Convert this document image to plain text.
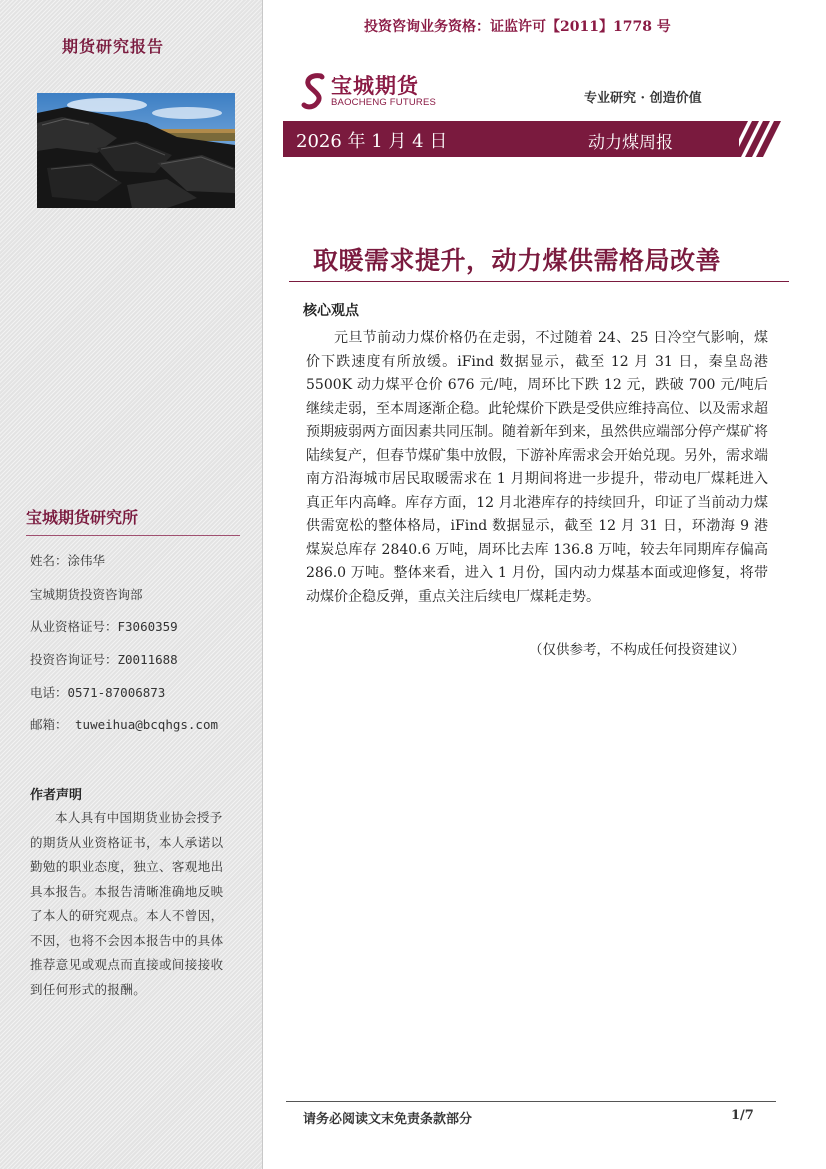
期货研究报告
宝城期货研究所
姓名：涂伟华
宝城期货投资咨询部
从业资格证号：F3060359
投资咨询证号：Z0011688
电话：0571-87006873
邮箱： tuweihua@bcqhgs.com
作者声明
本人具有中国期货业协会授予的期货从业资格证书，本人承诺以勤勉的职业态度，独立、客观地出具本报告。本报告清晰准确地反映了本人的研究观点。本人不曾因，不因，也将不会因本报告中的具体推荐意见或观点而直接或间接接收到任何形式的报酬。
投资咨询业务资格：证监许可【2011】1778 号
宝城期货
BAOCHENG FUTURES	专业研究 · 创造价值
2026 年 1 月 4 日	动力煤周报
取暖需求提升，动力煤供需格局改善
核心观点
元旦节前动力煤价格仍在走弱，不过随着 24、25 日冷空气影响，煤价下跌速度有所放缓。iFind 数据显示，截至 12 月 31 日，秦皇岛港 5500K 动力煤平仓价 676 元/吨，周环比下跌 12 元，跌破 700 元/吨后继续走弱，至本周逐渐企稳。此轮煤价下跌是受供应维持高位、以及需求超预期疲弱两方面因素共同压制。随着新年到来，虽然供应端部分停产煤矿将陆续复产，但春节煤矿集中放假，下游补库需求会开始兑现。另外，需求端南方沿海城市居民取暖需求在 1 月期间将进一步提升，带动电厂煤耗进入真正年内高峰。库存方面，12 月北港库存的持续回升，印证了当前动力煤供需宽松的整体格局，iFind 数据显示，截至 12 月 31 日，环渤海 9 港煤炭总库存 2840.6 万吨，周环比去库 136.8 万吨，较去年同期库存偏高 286.0 万吨。整体来看，进入 1 月份，国内动力煤基本面或迎修复，将带动煤价企稳反弹，重点关注后续电厂煤耗走势。
（仅供参考，不构成任何投资建议）
请务必阅读文末免责条款部分	1/7
